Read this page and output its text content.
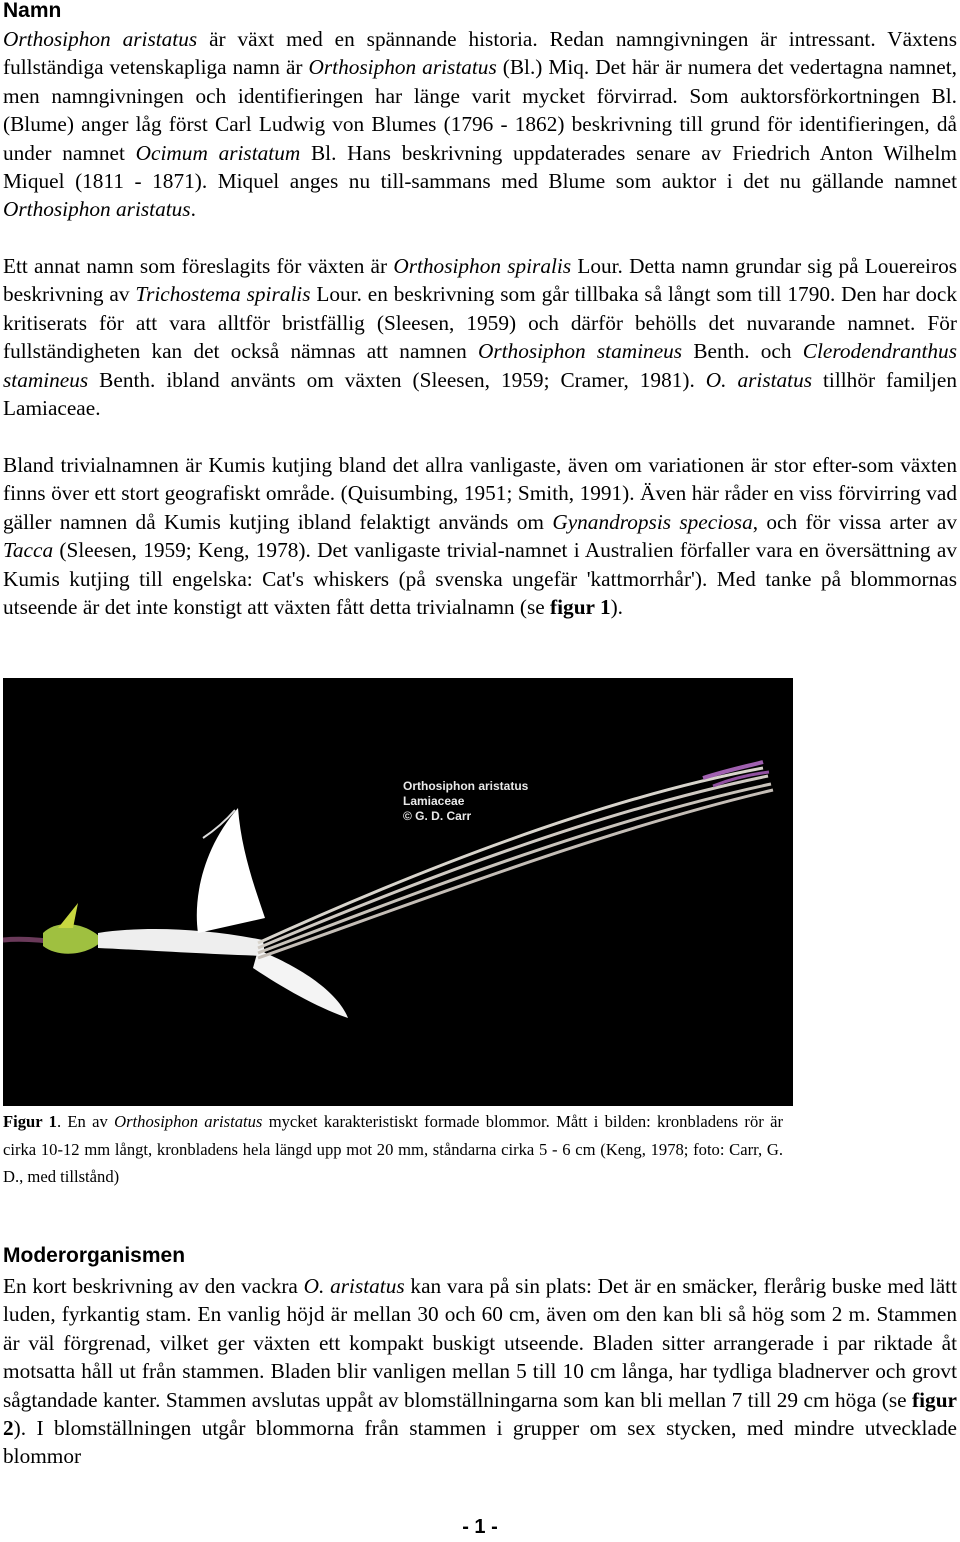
Namn

Orthosiphon aristatus är växt med en spännande historia. Redan namngivningen är intressant. Växtens fullständiga vetenskapliga namn är Orthosiphon aristatus (Bl.) Miq. Det här är numera det vedertagna namnet, men namngivningen och identifieringen har länge varit mycket förvirrad. Som auktorsförkortningen Bl. (Blume) anger låg först Carl Ludwig von Blumes (1796 - 1862) beskrivning till grund för identifieringen, då under namnet Ocimum aristatum Bl. Hans beskrivning uppdaterades senare av Friedrich Anton Wilhelm Miquel (1811 - 1871). Miquel anges nu till-sammans med Blume som auktor i det nu gällande namnet Orthosiphon aristatus.

Ett annat namn som föreslagits för växten är Orthosiphon spiralis Lour. Detta namn grundar sig på Louereiros beskrivning av Trichostema spiralis Lour. en beskrivning som går tillbaka så långt som till 1790. Den har dock kritiserats för att vara alltför bristfällig (Sleesen, 1959) och därför behölls det nuvarande namnet. För fullständigheten kan det också nämnas att namnen Orthosiphon stamineus Benth. och Clerodendranthus stamineus Benth. ibland använts om växten (Sleesen, 1959; Cramer, 1981). O. aristatus tillhör familjen Lamiaceae.

Bland trivialnamnen är Kumis kutjing bland det allra vanligaste, även om variationen är stor efter-som växten finns över ett stort geografiskt område. (Quisumbing, 1951; Smith, 1991). Även här råder en viss förvirring vad gäller namnen då Kumis kutjing ibland felaktigt används om Gynandropsis speciosa, och för vissa arter av Tacca (Sleesen, 1959; Keng, 1978). Det vanligaste trivial-namnet i Australien förfaller vara en översättning av Kumis kutjing till engelska: Cat's whiskers (på svenska ungefär 'kattmorrhår'). Med tanke på blommornas utseende är det inte konstigt att växten fått detta trivialnamn (se figur 1).

Orthosiphon aristatus
Lamiaceae
© G. D. Carr

Figur 1. En av Orthosiphon aristatus mycket karakteristiskt formade blommor. Mått i bilden: kronbladens rör är cirka 10-12 mm långt, kronbladens hela längd upp mot 20 mm, ståndarna cirka 5 - 6 cm (Keng, 1978; foto: Carr, G. D., med tillstånd)

Moderorganismen

En kort beskrivning av den vackra O. aristatus kan vara på sin plats: Det är en smäcker, flerårig buske med lätt luden, fyrkantig stam. En vanlig höjd är mellan 30 och 60 cm, även om den kan bli så hög som 2 m. Stammen är väl förgrenad, vilket ger växten ett kompakt buskigt utseende. Bladen sitter arrangerade i par riktade åt motsatta håll ut från stammen. Bladen blir vanligen mellan 5 till 10 cm långa, har tydliga bladnerver och grovt sågtandade kanter. Stammen avslutas uppåt av blomställningarna som kan bli mellan 7 till 29 cm höga (se figur 2). I blomställningen utgår blommorna från stammen i grupper om sex stycken, med mindre utvecklade blommor

- 1 -
